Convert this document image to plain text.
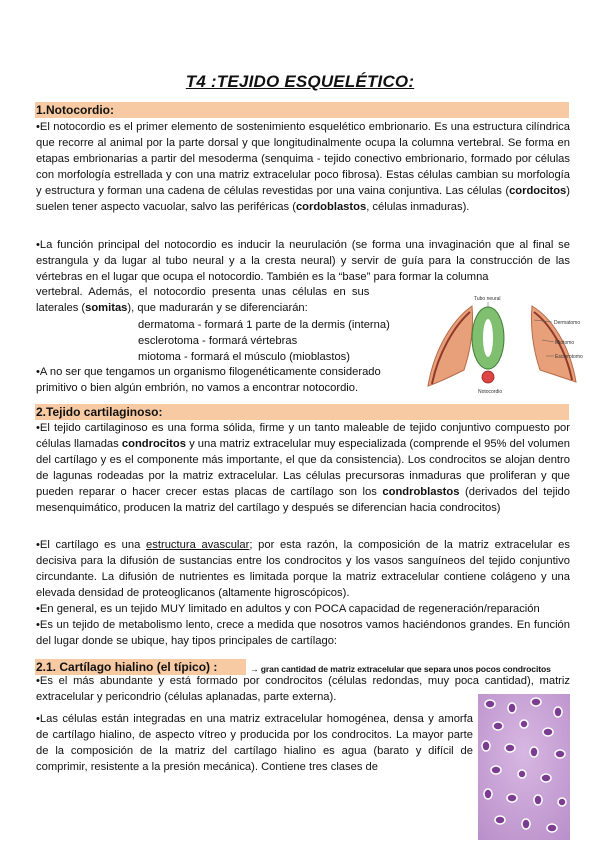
T4 :TEJIDO ESQUELÉTICO:
1.Notocordio:

•El notocordio es el primer elemento de sostenimiento esquelético embrionario. Es una estructura cilíndrica que recorre al animal por la parte dorsal y que longitudinalmente ocupa la columna vertebral. Se forma en etapas embrionarias a partir del mesoderma (senquima - tejido conectivo embrionario, formado por células con morfología estrellada y con una matriz extracelular poco fibrosa). Estas células cambian su morfología y estructura y forman una cadena de células revestidas por una vaina conjuntiva. Las células (cordocitos) suelen tener aspecto vacuolar, salvo las periféricas (cordoblastos, células inmaduras).

•La función principal del notocordio es inducir la neurulación (se forma una invaginación que al final se estrangula y da lugar al tubo neural y a la cresta neural) y servir de guía para la construcción de las vértebras en el lugar que ocupa el notocordio. También es la “base” para formar la columna

vertebral.  Además,  el  notocordio  presenta  unas  células  en  sus

laterales (somitas), que madurarán y se diferenciarán:

dermatoma - formará 1 parte de la dermis (interna)
esclerotoma - formará vértebras
miotoma - formará el músculo (mioblastos)

•A no ser que tengamos un organismo filogenéticamente considerado

primitivo o bien algún embrión, no vamos a encontrar notocordio.

Tubo neural
Notocordio
Dermatomo
Miotomo
Esclerotomo
2.Tejido cartilaginoso:

•El tejido cartilaginoso es una forma sólida, firme y un tanto maleable de tejido conjuntivo compuesto por células llamadas condrocitos y una matriz extracelular muy especializada (comprende el 95% del volumen del cartílago y es el componente más importante, el que da consistencia). Los condrocitos se alojan dentro de lagunas rodeadas por la matriz extracelular. Las células precursoras inmaduras que proliferan y que pueden reparar o hacer crecer estas placas de cartílago son los condroblastos (derivados del tejido mesenquimático, producen la matriz del cartílago y después se diferencian hacia condrocitos)

•El cartílago es una estructura avascular; por esta razón, la composición de la matriz extracelular es decisiva para la difusión de sustancias entre los condrocitos y los vasos sanguíneos del tejido conjuntivo circundante. La difusión de nutrientes es limitada porque la matriz extracelular contiene colágeno y una elevada densidad de proteoglicanos (altamente higroscópicos).

•En general, es un tejido MUY limitado en adultos y con POCA capacidad de regeneración/reparación

•Es un tejido de metabolismo lento, crece a medida que nosotros vamos haciéndonos grandes. En función del lugar donde se ubique, hay tipos principales de cartílago:

2.1. Cartílago hialino (el típico) :	→ gran cantidad de matriz extracelular que separa unos pocos condrocitos

•Es el más abundante y está formado por condrocitos (células redondas, muy poca cantidad), matriz extracelular y pericondrio (células aplanadas, parte externa).

•Las células están integradas en una matriz extracelular homogénea, densa y amorfa de cartílago hialino, de aspecto vítreo y producida por los condrocitos. La mayor parte de la composición de la matriz del cartílago hialino es agua (barato y difícil de comprimir, resistente a la presión mecánica). Contiene tres clases de
